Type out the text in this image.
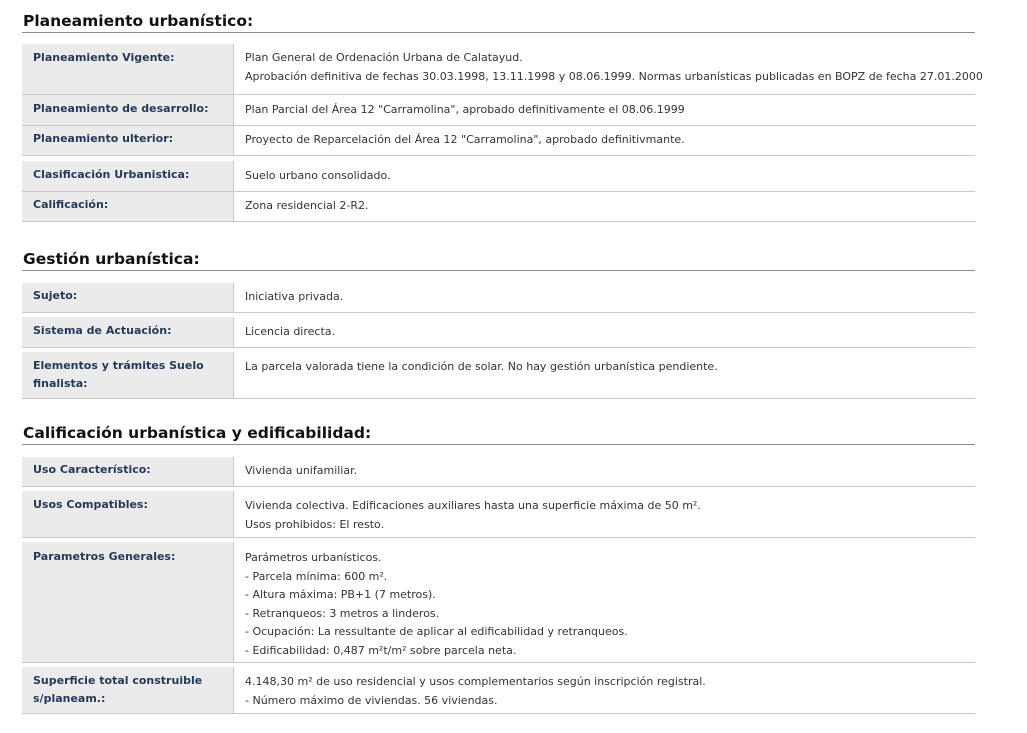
Planeamiento urbanístico:
Planeamiento Vigente:	Plan General de Ordenación Urbana de Calatayud.
Aprobación definitiva de fechas 30.03.1998, 13.11.1998 y 08.06.1999. Normas urbanísticas publicadas en BOPZ de fecha 27.01.2000
Planeamiento de desarrollo:	Plan Parcial del Área 12 "Carramolina", aprobado definitivamente el 08.06.1999
Planeamiento ulterior:	Proyecto de Reparcelación del Área 12 "Carramolina", aprobado definitivmante.
Clasificación Urbanistica:	Suelo urbano consolidado.
Calificación:	Zona residencial 2-R2.
Gestión urbanística:
Sujeto:	Iniciativa privada.
Sistema de Actuación:	Licencia directa.
Elementos y trámites Suelo
finalista:
La parcela valorada tiene la condición de solar. No hay gestión urbanística pendiente.
Calificación urbanística y edificabilidad:
Uso Característico:	Vivienda unifamiliar.
Usos Compatibles:	Vivienda colectiva. Edificaciones auxiliares hasta una superficie máxima de 50 m².
Usos prohibidos: El resto.
Parametros Generales:	Parámetros urbanísticos.
- Parcela mínima: 600 m².
- Altura máxima: PB+1 (7 metros).
- Retranqueos: 3 metros a linderos.
- Ocupación: La ressultante de aplicar al edificabilidad y retranqueos.
- Edificabilidad: 0,487 m²t/m² sobre parcela neta.
Superficie total construible
s/planeam.:
4.148,30 m² de uso residencial y usos complementarios según inscripción registral.
- Número máximo de viviendas. 56 viviendas.
